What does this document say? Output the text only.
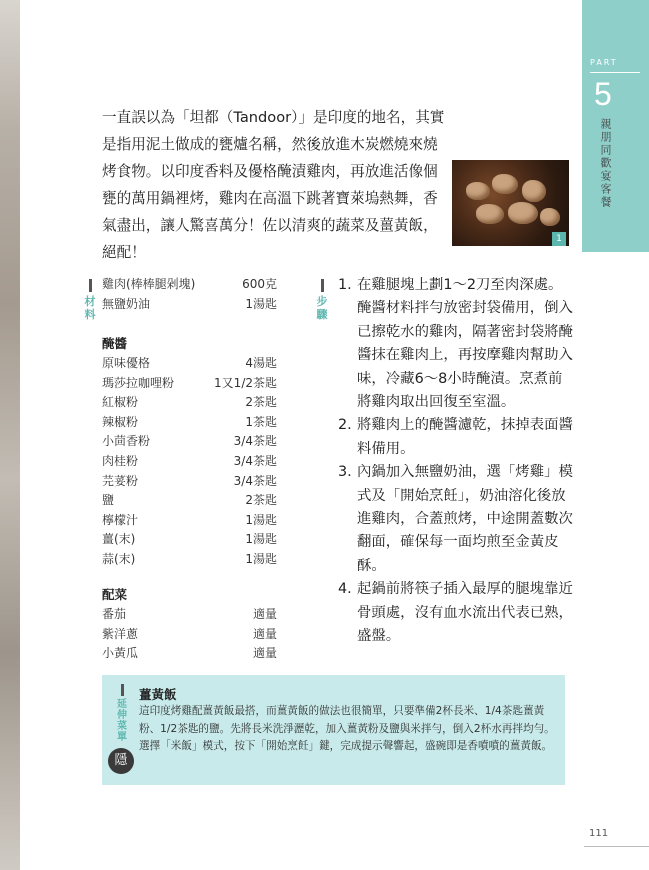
PART
5
親朋同歡宴客餐
一直誤以為「坦都（Tandoor）」是印度的地名，其實是指用泥土做成的甕爐名稱，然後放進木炭燃燒來燒烤食物。以印度香料及優格醃漬雞肉，再放進活像個甕的萬用鍋裡烤，雞肉在高溫下跳著寶萊塢熱舞，香氣盡出，讓人驚喜萬分！佐以清爽的蔬菜及薑黃飯，絕配！
1
材料
雞肉(棒棒腿剁塊)	600克
無鹽奶油	1湯匙
醃醬
原味優格	4湯匙
瑪莎拉咖哩粉	1又1/2茶匙
紅椒粉	2茶匙
辣椒粉	1茶匙
小茴香粉	3/4茶匙
肉桂粉	3/4茶匙
芫荽粉	3/4茶匙
鹽	2茶匙
檸檬汁	1湯匙
薑(末)	1湯匙
蒜(末)	1湯匙
配菜
番茄	適量
紫洋蔥	適量
小黃瓜	適量
步驟
1. 在雞腿塊上劃1～2刀至肉深處。醃醬材料拌勻放密封袋備用，倒入已擦乾水的雞肉，隔著密封袋將醃醬抹在雞肉上，再按摩雞肉幫助入味，冷藏6～8小時醃漬。烹煮前將雞肉取出回復至室溫。
2. 將雞肉上的醃醬濾乾，抹掉表面醬料備用。
3. 內鍋加入無鹽奶油，選「烤雞」模式及「開始烹飪」，奶油溶化後放進雞肉，合蓋煎烤，中途開蓋數次翻面，確保每一面均煎至金黃皮酥。
4. 起鍋前將筷子插入最厚的腿塊靠近骨頭處，沒有血水流出代表已熟，盛盤。
延伸菜單
隱
薑黃飯
這印度烤雞配薑黃飯最搭，而薑黃飯的做法也很簡單，只要準備2杯長米、1/4茶匙薑黃粉、1/2茶匙的鹽。先將長米洗淨瀝乾，加入薑黃粉及鹽與米拌勻，倒入2杯水再拌均勻。選擇「米飯」模式，按下「開始烹飪」鍵，完成提示聲響起，盛碗即是香噴噴的薑黃飯。
111
